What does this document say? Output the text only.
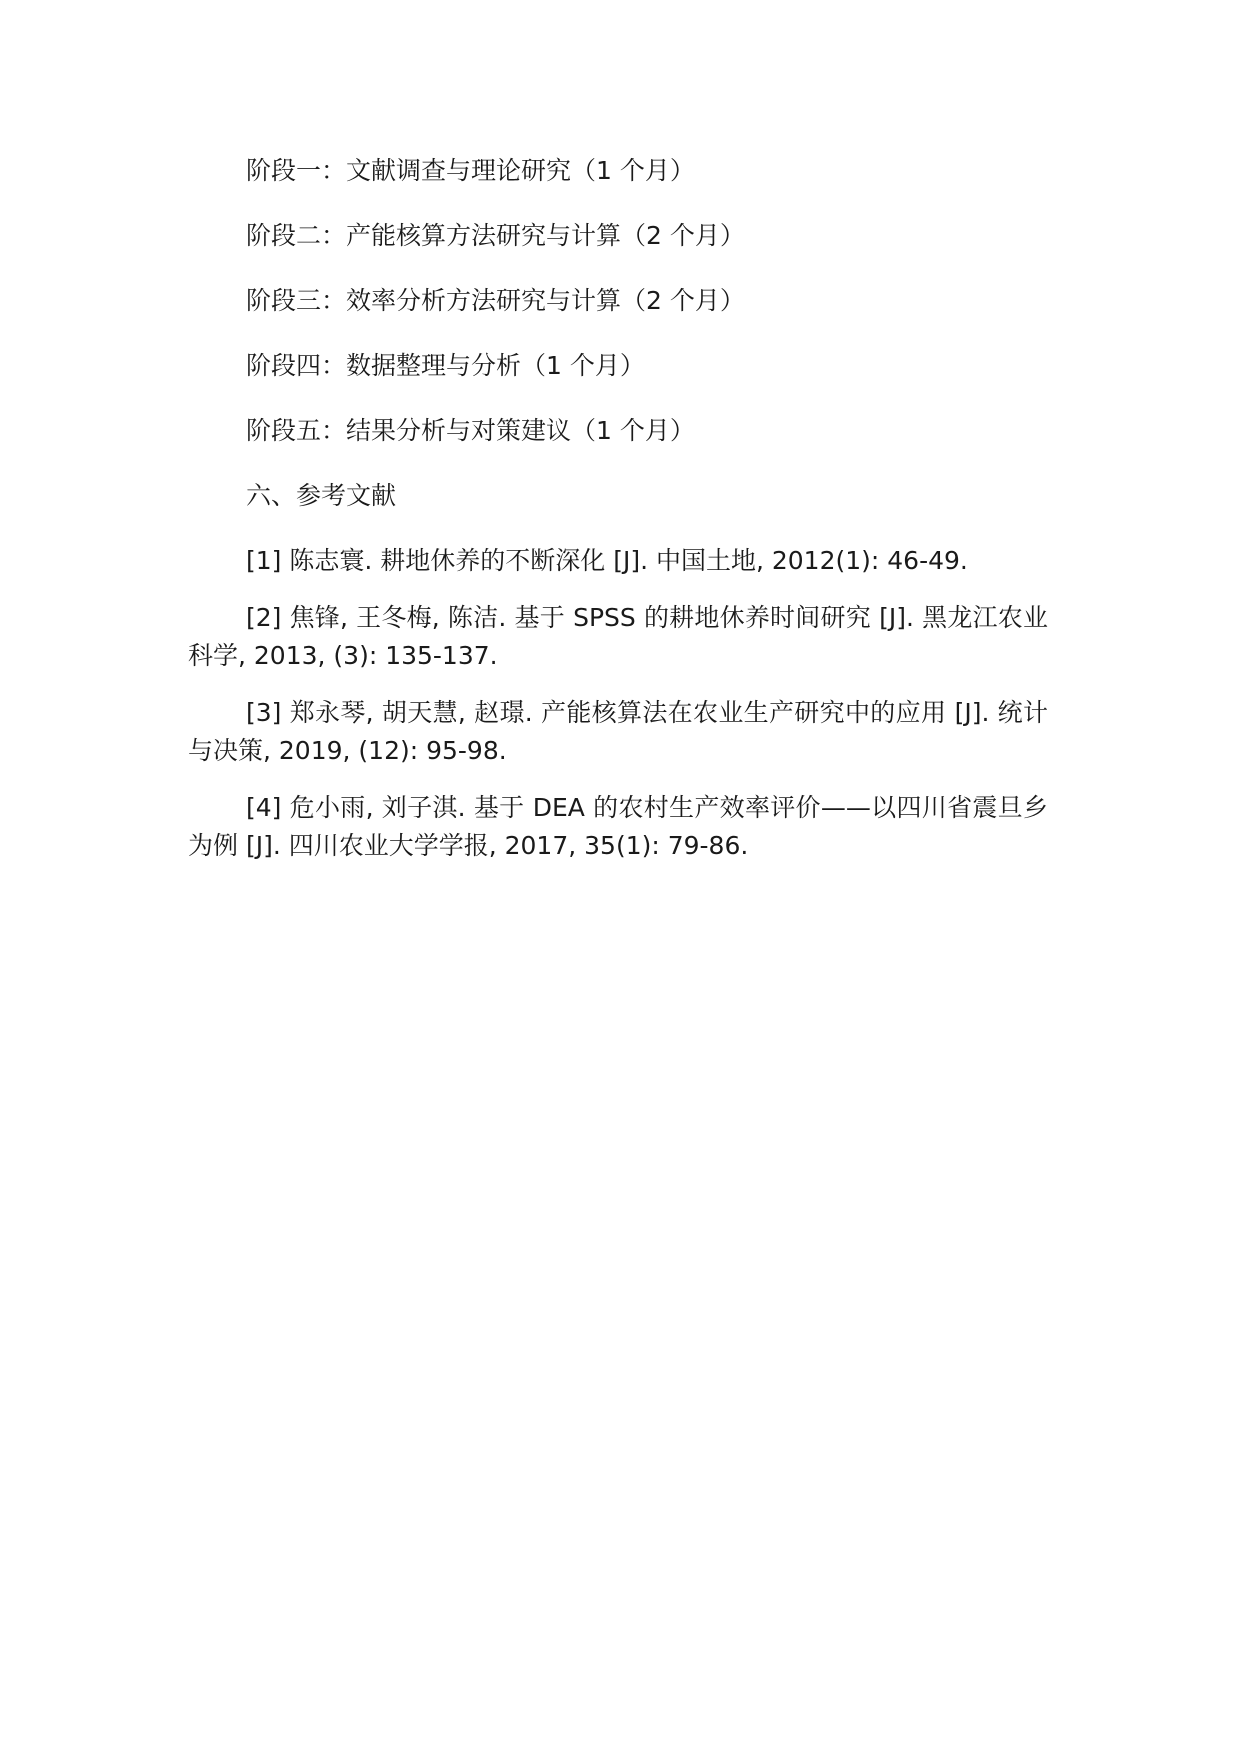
阶段一：文献调查与理论研究（1 个月）

阶段二：产能核算方法研究与计算（2 个月）

阶段三：效率分析方法研究与计算（2 个月）

阶段四：数据整理与分析（1 个月）

阶段五：结果分析与对策建议（1 个月）

六、参考文献

[1] 陈志寰. 耕地休养的不断深化 [J]. 中国土地, 2012(1): 46-49.

[2] 焦锋, 王冬梅, 陈洁. 基于 SPSS 的耕地休养时间研究 [J]. 黑龙江农业科学, 2013, (3): 135-137.

[3] 郑永琴, 胡天慧, 赵璟. 产能核算法在农业生产研究中的应用 [J]. 统计与决策, 2019, (12): 95-98.

[4] 危小雨, 刘子淇. 基于 DEA 的农村生产效率评价——以四川省震旦乡为例 [J]. 四川农业大学学报, 2017, 35(1): 79-86.
